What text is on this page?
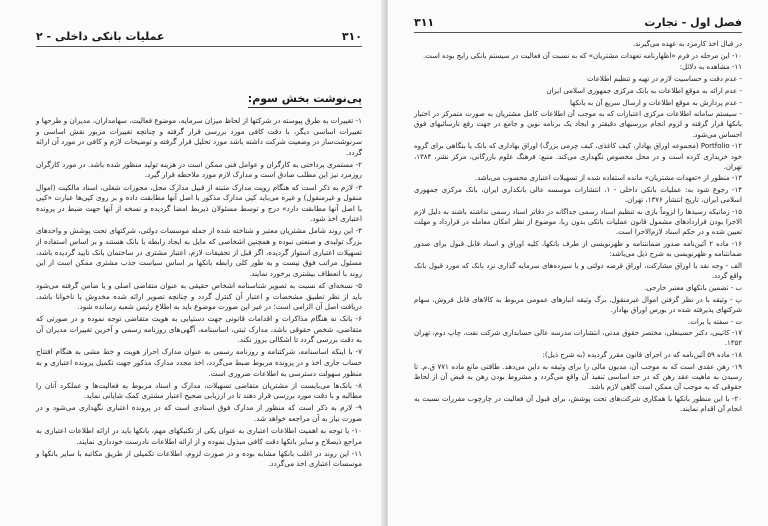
۳۱۰
عملیات بانکی داخلی - ۲
پی‌نوشت بخش سوم:

۱- تغییرات به طرق پیوسته در شرکتها از لحاظ میزان سرمایه، موضوع فعالیت، سهامداران، مدیران و طرحها و تغییرات اساسی دیگر، با دقت کافی مورد بررسی قرار گرفته و چنانچه تغییرات مزبور نقش اساسی و سرنوشت‌ساز در وضعیت شرکت داشته باشد مورد تحلیل قرار گرفته و توضیحات لازم و کافی در مورد آن ارائه گردد.

۲- مستمری پرداختی به کارگران و عوامل فنی ممکن است در هزینه تولید منظور شده باشد. در مورد کارگران روزمزد نیز این مطلب صادق است و مدارک لازم مورد ملاحظه قرار گیرد.

۳- لازم به ذکر است که هنگام رویت مدارک مثبته از قبیل مدارک محل، مجوزات شغلی، اسناد مالکیت (اموال منقول و غیرمنقول) و غیره می‌باید کپی مدارک مذکور با اصل آنها مطابقت داده و بر روی کپی‌ها عبارت «کپی با اصل آنها مطابقت دارد» درج و توسط مسئولان ذیربط امضا گردیده و نسخه از آنها جهت ضبط در پرونده اعتباری اخذ شود.

۴- این روند شامل مشتریان معتبر و شناخته شده از جمله موسسات دولتی، شرکتهای تحت پوشش و واحدهای بزرگ تولیدی و صنعتی نبوده و همچنین اشخاصی که مایل به ایجاد رابطه با بانک هستند و بر اساس استفاده از تسهیلات اعتباری استوار گردیده، اگر قبل از تحقیقات لازم، اعتبار مشتری در ساختمان بانک تایید گردیده باشد، مسئول مراتب فوق نیست و به طور کلی رابطه بانکها بر اساس سیاست جذب مشتری ممکن است از این روند با انعطاف بیشتری برخورد نمایند.

۵- نسخه‌ای که نسبت به تصویر شناسنامه اشخاص حقیقی به عنوان متقاضی اصلی و یا ضامن گرفته می‌شود باید از نظر تطبیق مشخصات و اعتبار آن کنترل گردد و چنانچه تصویر ارائه شده مخدوش یا ناخوانا باشد، دریافت اصل آن الزامی است؛ در غیر این صورت موضوع باید به اطلاع رئیس شعبه رسانده شود.

۶- بانک نه هنگام مذاکرات و اقدامات قانونی جهت دستیابی به هویت متقاضی توجه نموده و در صورتی که متقاضی، شخص حقوقی باشد، مدارک ثبتی، اساسنامه، آگهی‌های روزنامه رسمی و آخرین تغییرات مدیران آن به دقت بررسی گردد تا اشکالی بروز نکند.

۷- با اینکه اساسنامه، شرکتنامه و روزنامه رسمی به عنوان مدارک احراز هویت و خط مشی به هنگام افتتاح حساب جاری اخذ و در پرونده مربوط ضبط می‌گردد، اخذ مجدد مدارک مذکور جهت تکمیل پرونده اعتباری و به منظور سهولت دسترسی به اطلاعات ضروری است.

۸- بانک‌ها می‌بایست از مشتریان متقاضی تسهیلات، مدارک و اسناد مربوط به فعالیت‌ها و عملکرد آنان را مطالبه و با دقت مورد بررسی قرار دهند تا در ارزیابی صحیح اعتبار مشتری کمک شایانی نماید.

۹- لازم به ذکر است که منظور از مدارک فوق اسنادی است که در پرونده اعتباری نگهداری می‌شود و در صورت نیاز به آن مراجعه خواهد شد.

۱۰- با توجه به اهمیت اطلاعات اعتباری به عنوان یکی از تکنیکهای مهم، بانکها باید در ارائه اطلاعات اعتباری به مراجع ذیصلاح و سایر بانکها دقت کافی مبذول نموده و از ارائه اطلاعات نادرست خودداری نمایند.

۱۱- این روند در اغلب بانکها مشابه بوده و در صورت لزوم، اطلاعات تکمیلی از طریق مکاتبه با سایر بانکها و موسسات اعتباری اخذ می‌گردد.

فصل اول - تجارت
۳۱۱

در قبال اخذ کارمزد به عهده می‌گیرند.

۱۰- این مرحله در فرم «اظهارنامه تعهدات مشتریان» که به نسبت آن فعالیت در سیستم بانکی رایج بوده است.

۱۱- مشاهده به دلائل:

- عدم دقت و حساسیت لازم در تهیه و تنظیم اطلاعات

- عدم ارائه به موقع اطلاعات به بانک مرکزی جمهوری اسلامی ایران

- عدم پردازش به موقع اطلاعات و ارسال سریع آن به بانکها

- سیستم سامانه اطلاعات مرکزی اعتبارات که به موجب آن اطلاعات کامل مشتریان به صورت متمرکز در اختیار بانکها قرار گرفته و لزوم انجام بررسیهای دقیقتر و ایجاد یک برنامه نوین و جامع در جهت رفع نارسائیهای فوق احساس می‌شود.

۱۲- Portfolio (مجموعه اوراق بهادار، کیف کاغذی، کیف چرمی بزرگ) اوراق بهاداری که بانک یا بنگاهی برای گروه خود خریداری کرده است و در محل مخصوص نگهداری می‌کند. منبع: فرهنگ علوم بازرگانی، مرکز نشر، ۱۳۸۴، تهران.

۱۳- منظور از «تعهدات مشتریان» مانده استفاده شده از تسهیلات اعتباری محسوب می‌باشد.

۱۴- رجوع شود به: عملیات بانکی داخلی - ۱، انتشارات موسسه عالی بانکداری ایران، بانک مرکزی جمهوری اسلامی ایران، تاریخ انتشار ۱۳۷۶، تهران.

۱۵- زمانیکه رسیدها را لزوماً بازی به تنظیم اسناد رسمی جداگانه در دفاتر اسناد رسمی نداشته باشند به دلیل لازم الاجرا بودن قراردادهای مشمول قانون عملیات بانکی بدون ربا، موضوع از نظر امکان معامله در قرارداد و مهلت تعیین شده و در حکم اسناد لازم‌الاجرا است.

۱۶- ماده ۲ آئین‌نامه صدور ضمانتنامه و ظهرنویسی از طرف بانکها، کلیه اوراق و اسناد قابل قبول برای صدور ضمانتنامه و ظهرنویسی به شرح ذیل می‌باشد:

الف - وجه نقد یا اوراق مشارکت، اوراق قرضه دولتی و یا سپرده‌های سرمایه گذاری نزد بانک که مورد قبول بانک واقع گردد.

ب - تضمین بانکهای معتبر خارجی.

پ - وثیقه با در نظر گرفتن اموال غیرمنقول، برگ وثیقه انبارهای عمومی مربوط به کالاهای قابل فروش، سهام شرکتهای پذیرفته شده در بورس اوراق بهادار.

ت - سفته یا برات.

۱۷- کاتینی، دکتر حسینعلی، مختصر حقوق مدنی، انتشارات مدرسه عالی حسابداری شرکت نفت، چاپ دوم، تهران ۱۳۵۲.

۱۸- ماده ۵۹ آئین‌نامه که در اجرای قانون مقرر گردیده (به شرح ذیل):

۱۹- رهن عقدی است که به موجب آن، مدیون مالی را برای وثیقه به داین می‌دهد. طاقتی مانع ماده ۷۷۱ ق.م. تا رسیدن به ماهیت عقد رهن که در حد اساسی تنفیذ آن واقع می‌گردد و مشروط بودن رهن به قبض آن از لحاظ حقوقی که به موجب آن ممکن است گاهی لازم باشد.

۲۰- با این منظور بانکها با همکاری شرکت‌های تحت پوشش، برای قبول آن فعالیت در چارچوب مقررات نسبت به انجام آن اقدام نمایند.
